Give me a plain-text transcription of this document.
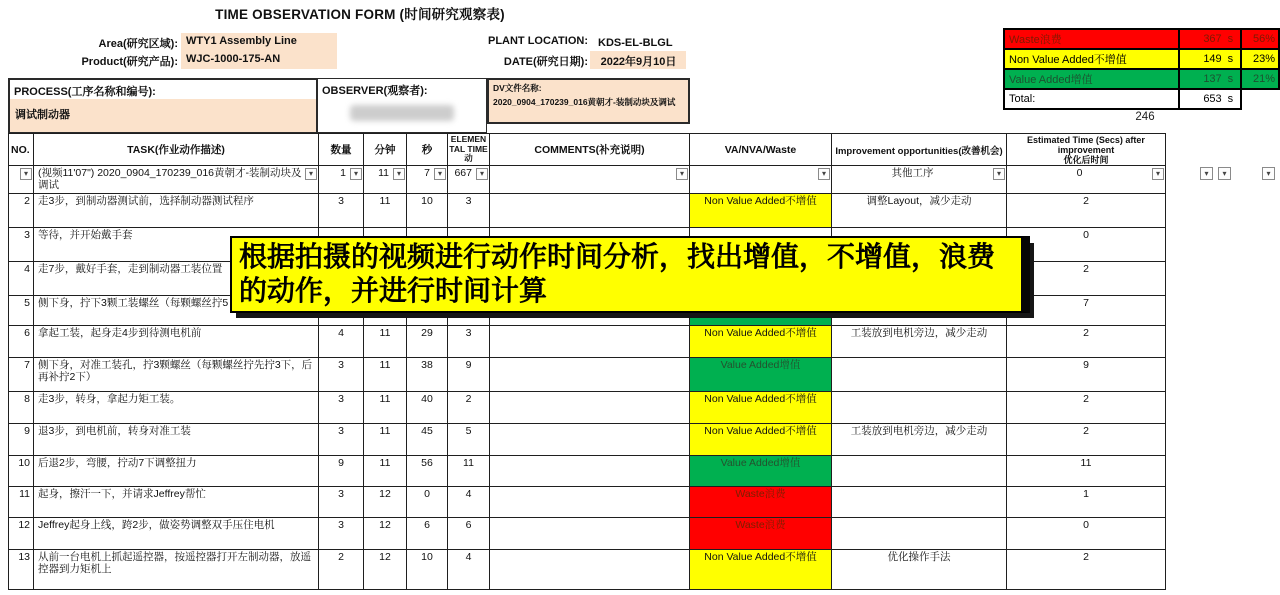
TIME OBSERVATION FORM (时间研究观察表)
Area(研究区域): WTY1 Assembly Line
Product(研究产品): WJC-1000-175-AN
PLANT LOCATION: KDS-EL-BLGL
DATE(研究日期):	2022年9月10日
Waste浪费	367 s	56%
Non Value Added不增值	149 s	23%
Value Added增值	137 s	21%
Total:	653 s	

246
PROCESS(工序名称和编号):
调试制动器
OBSERVER(观察者):	DV文件名称:
2020_0904_170239_016黄朝才-装制动块及调试
NO.	TASK(作业动作描述)	数量	分钟	秒	ELEMENTAL TIME 动	COMMENTS(补充说明)	VA/NVA/Waste	Improvement opportunities(改善机会)	Estimated Time (Secs) after improvement
优化后时间

▾	(视频11'07") 2020_0904_170239_016黄朝才-装制动块及调试
▾	1 ▾	11 ▾	7 ▾	667 ▾	▾	▾	其他工序 ▾	0 ▾

2	走3步，到制动器测试前，选择制动器测试程序	3	11	10	3		Non Value Added不增值	调整Layout，减少走动	2
3	等待，并开始戴手套								0
4	走7步，戴好手套，走到制动器工装位置								2
5	侧下身，拧下3颗工装螺丝（每颗螺丝拧5								7
6	拿起工装，起身走4步到待测电机前	4	11	29	3		Non Value Added不增值	工装放到电机旁边，减少走动	2
7	侧下身，对准工装孔，拧3颗螺丝（每颗螺丝拧先拧3下，后再补拧2下）	3	11	38	9		Value Added增值		9
8	走3步，转身，拿起力矩工装。	3	11	40	2		Non Value Added不增值		2
9	退3步，到电机前，转身对准工装	3	11	45	5		Non Value Added不增值	工装放到电机旁边，减少走动	2
10	后退2步，弯腰，拧动7下调整扭力	9	11	56	11		Value Added增值		11
11	起身，擦汗一下，并请求Jeffrey帮忙	3	12	0	4		Waste浪费		1
12	Jeffrey起身上线，跨2步，做姿势调整双手压住电机	3	12	6	6		Waste浪费		0
13	从前一台电机上抓起遥控器，按遥控器打开左制动器，放遥控器到力矩机上	2	12	10	4		Non Value Added不增值	优化操作手法	2
▾	▾	▾
根据拍摄的视频进行动作时间分析，找出增值，不增值，浪费
的动作，并进行时间计算
